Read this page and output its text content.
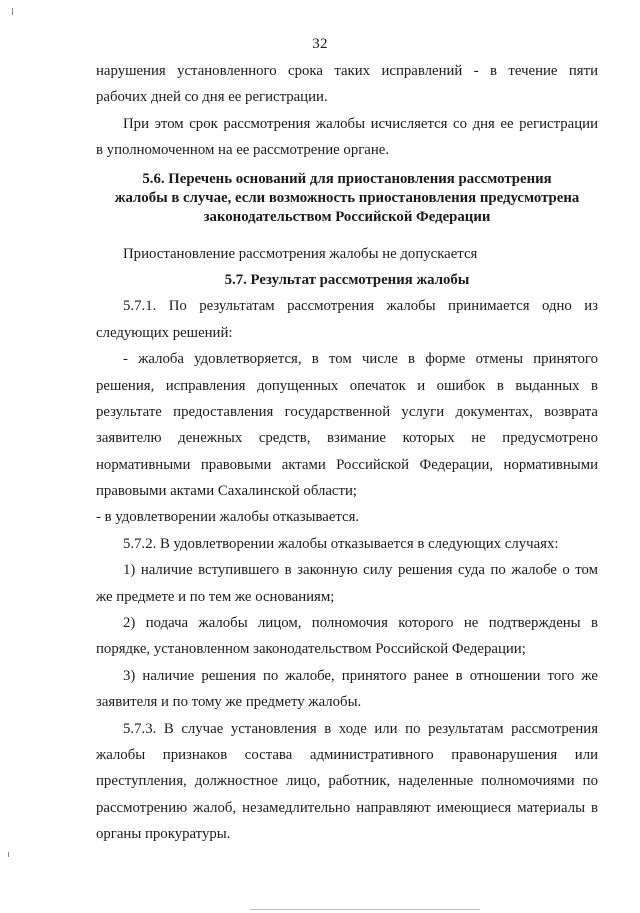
32
нарушения установленного срока таких исправлений - в течение пяти
рабочих дней со дня ее регистрации.
При этом срок рассмотрения жалобы исчисляется со дня ее регистрации
в уполномоченном на ее рассмотрение органе.

5.6. Перечень оснований для приостановления рассмотрения

жалобы в случае, если возможность приостановления предусмотрена

законодательством Российской Федерации

Приостановление рассмотрения жалобы не допускается

5.7. Результат рассмотрения жалобы

5.7.1. По результатам рассмотрения жалобы принимается одно из
следующих решений:
- жалоба удовлетворяется, в том числе в форме отмены принятого
решения, исправления допущенных опечаток и ошибок в выданных в
результате предоставления государственной услуги документах, возврата
заявителю денежных средств, взимание которых не предусмотрено
нормативными правовыми актами Российской Федерации, нормативными
правовыми актами Сахалинской области;
- в удовлетворении жалобы отказывается.
5.7.2. В удовлетворении жалобы отказывается в следующих случаях:
1) наличие вступившего в законную силу решения суда по жалобе о том
же предмете и по тем же основаниям;
2) подача жалобы лицом, полномочия которого не подтверждены в
порядке, установленном законодательством Российской Федерации;
3) наличие решения по жалобе, принятого ранее в отношении того же
заявителя и по тому же предмету жалобы.
5.7.3. В случае установления в ходе или по результатам рассмотрения
жалобы признаков состава административного правонарушения или
преступления, должностное лицо, работник, наделенные полномочиями по
рассмотрению жалоб, незамедлительно направляют имеющиеся материалы в
органы прокуратуры.
